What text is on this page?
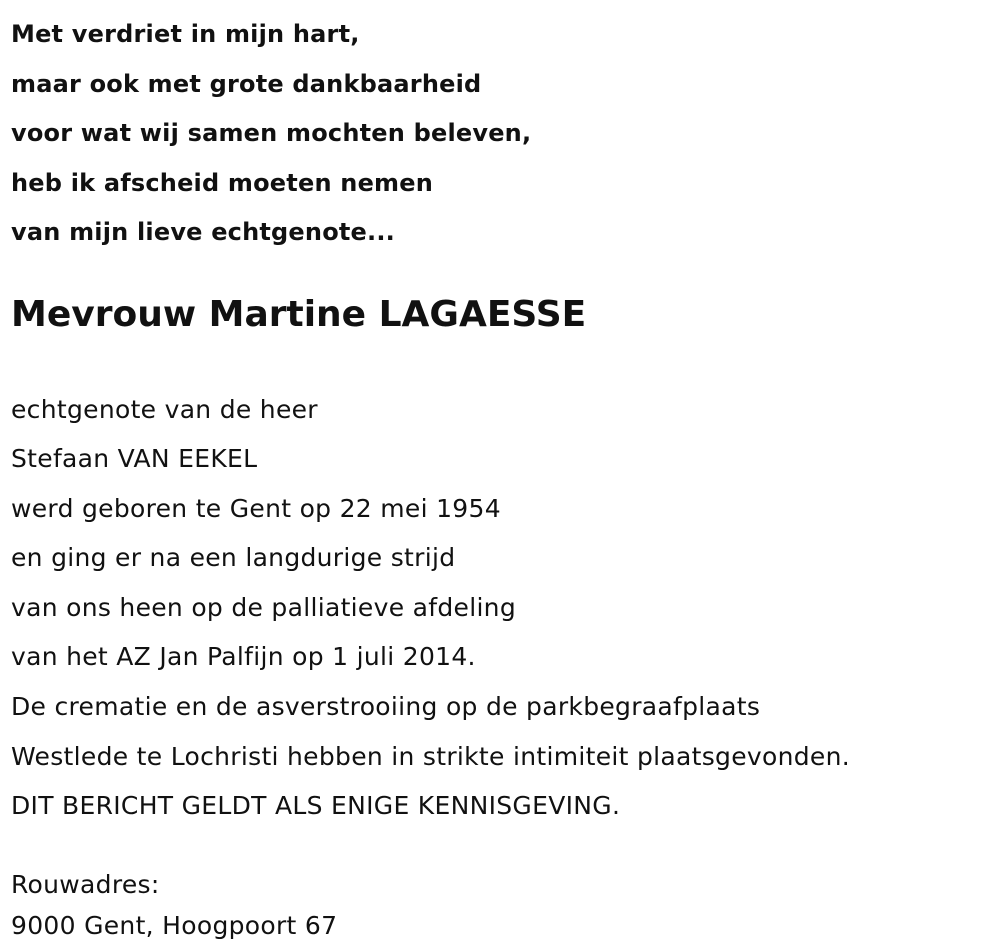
Met verdriet in mijn hart,
maar ook met grote dankbaarheid
voor wat wij samen mochten beleven,
heb ik afscheid moeten nemen
van mijn lieve echtgenote...
Mevrouw Martine LAGAESSE
echtgenote van de heer
Stefaan VAN EEKEL
werd geboren te Gent op 22 mei 1954
en ging er na een langdurige strijd
van ons heen op de palliatieve afdeling
van het AZ Jan Palfijn op 1 juli 2014.
De crematie en de asverstrooiing op de parkbegraafplaats
Westlede te Lochristi hebben in strikte intimiteit plaatsgevonden.
DIT BERICHT GELDT ALS ENIGE KENNISGEVING.
Rouwadres:
9000 Gent, Hoogpoort 67
